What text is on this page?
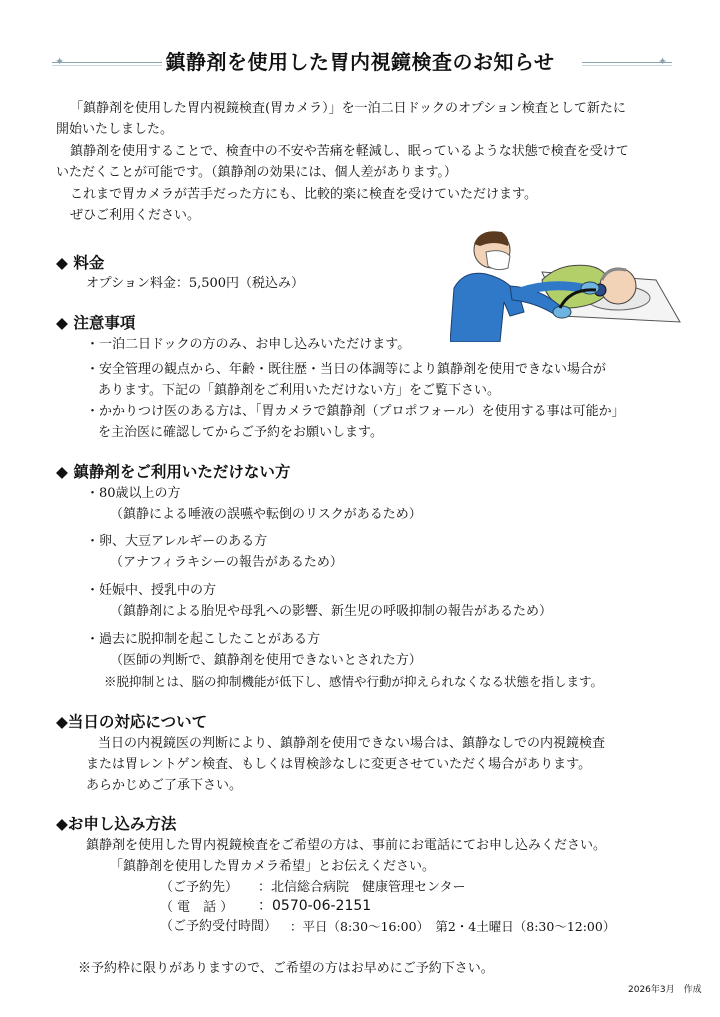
✦	✦
鎮静剤を使用した胃内視鏡検査のお知らせ
「鎮静剤を使用した胃内視鏡検査(胃カメラ）」を一泊二日ドックのオプション検査として新たに
開始いたしました。
鎮静剤を使用することで、検査中の不安や苦痛を軽減し、眠っているような状態で検査を受けて
いただくことが可能です。（鎮静剤の効果には、個人差があります。）
これまで胃カメラが苦手だった方にも、比較的楽に検査を受けていただけます。
ぜひご利用ください。
◆ 料金
オプション料金：5,500円（税込み）
◆ 注意事項
・一泊二日ドックの方のみ、お申し込みいただけます。
・安全管理の観点から、年齢・既往歴・当日の体調等により鎮静剤を使用できない場合が
あります。下記の「鎮静剤をご利用いただけない方」をご覧下さい。
・かかりつけ医のある方は、「胃カメラで鎮静剤（プロポフォール）を使用する事は可能か」
を主治医に確認してからご予約をお願いします。
◆ 鎮静剤をご利用いただけない方
・80歳以上の方
（鎮静による唾液の誤嚥や転倒のリスクがあるため）
・卵、大豆アレルギーのある方
（アナフィラキシーの報告があるため）
・妊娠中、授乳中の方
（鎮静剤による胎児や母乳への影響、新生児の呼吸抑制の報告があるため）
・過去に脱抑制を起こしたことがある方
（医師の判断で、鎮静剤を使用できないとされた方）
※脱抑制とは、脳の抑制機能が低下し、感情や行動が抑えられなくなる状態を指します。
◆当日の対応について
当日の内視鏡医の判断により、鎮静剤を使用できない場合は、鎮静なしでの内視鏡検査
または胃レントゲン検査、もしくは胃検診なしに変更させていただく場合があります。
あらかじめご了承下さい。
◆お申し込み方法
鎮静剤を使用した胃内視鏡検査をご希望の方は、事前にお電話にてお申し込みください。
「鎮静剤を使用した胃カメラ希望」とお伝えください。
（ご予約先） ：北信総合病院　健康管理センター
（ 電　話 ） ：0570-06-2151
（ご予約受付時間） ：平日（8:30～16:00）　第2・4土曜日（8:30～12:00）
※予約枠に限りがありますので、ご希望の方はお早めにご予約下さい。
2026年3月　作成
